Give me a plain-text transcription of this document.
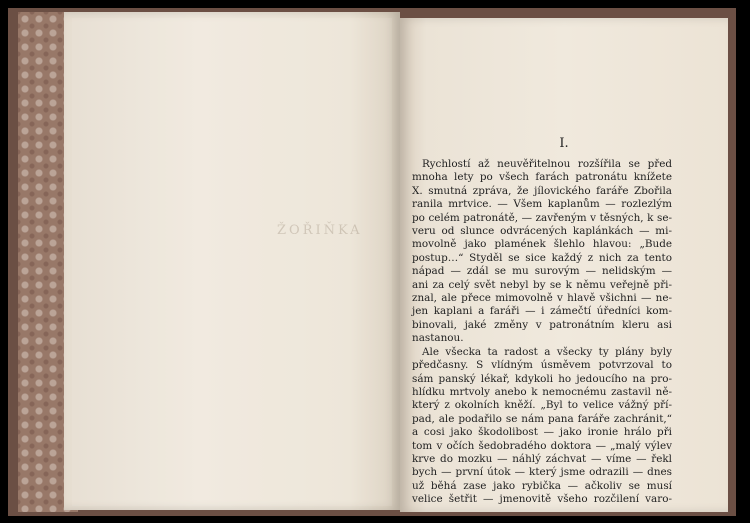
ŽOŘIŇKA
I.
Rychlostí až neuvěřitelnou rozšířila se před
mnoha lety po všech farách patronátu knížete
X. smutná zpráva, že jílovického faráře Zbořila
ranila mrtvice. — Všem kaplanům — rozlezlým
po celém patronátě, — zavřeným v těsných, k se-
veru od slunce odvrácených kaplánkách — mi-
movolně jako plamének šlehlo hlavou: „Bude
postup…“ Styděl se sice každý z nich za tento
nápad — zdál se mu surovým — nelidským —
ani za celý svět nebyl by se k němu veřejně při-
znal, ale přece mimovolně v hlavě všichni — ne-
jen kaplani a faráři — i zámečtí úředníci kom-
binovali, jaké změny v patronátním kleru asi
nastanou.
Ale všecka ta radost a všecky ty plány byly
předčasny. S vlídným úsměvem potvrzoval to
sám panský lékař, kdykoli ho jedoucího na pro-
hlídku mrtvoly anebo k nemocnému zastavil ně-
který z okolních kněží. „Byl to velice vážný pří-
pad, ale podařilo se nám pana faráře zachránit,“
a cosi jako škodolibost — jako ironie hrálo při
tom v očích šedobradého doktora — „malý výlev
krve do mozku — náhlý záchvat — víme — řekl
bych — první útok — který jsme odrazili — dnes
už běhá zase jako rybička — ačkoliv se musí
velice šetřit — jmenovitě všeho rozčilení varo-
